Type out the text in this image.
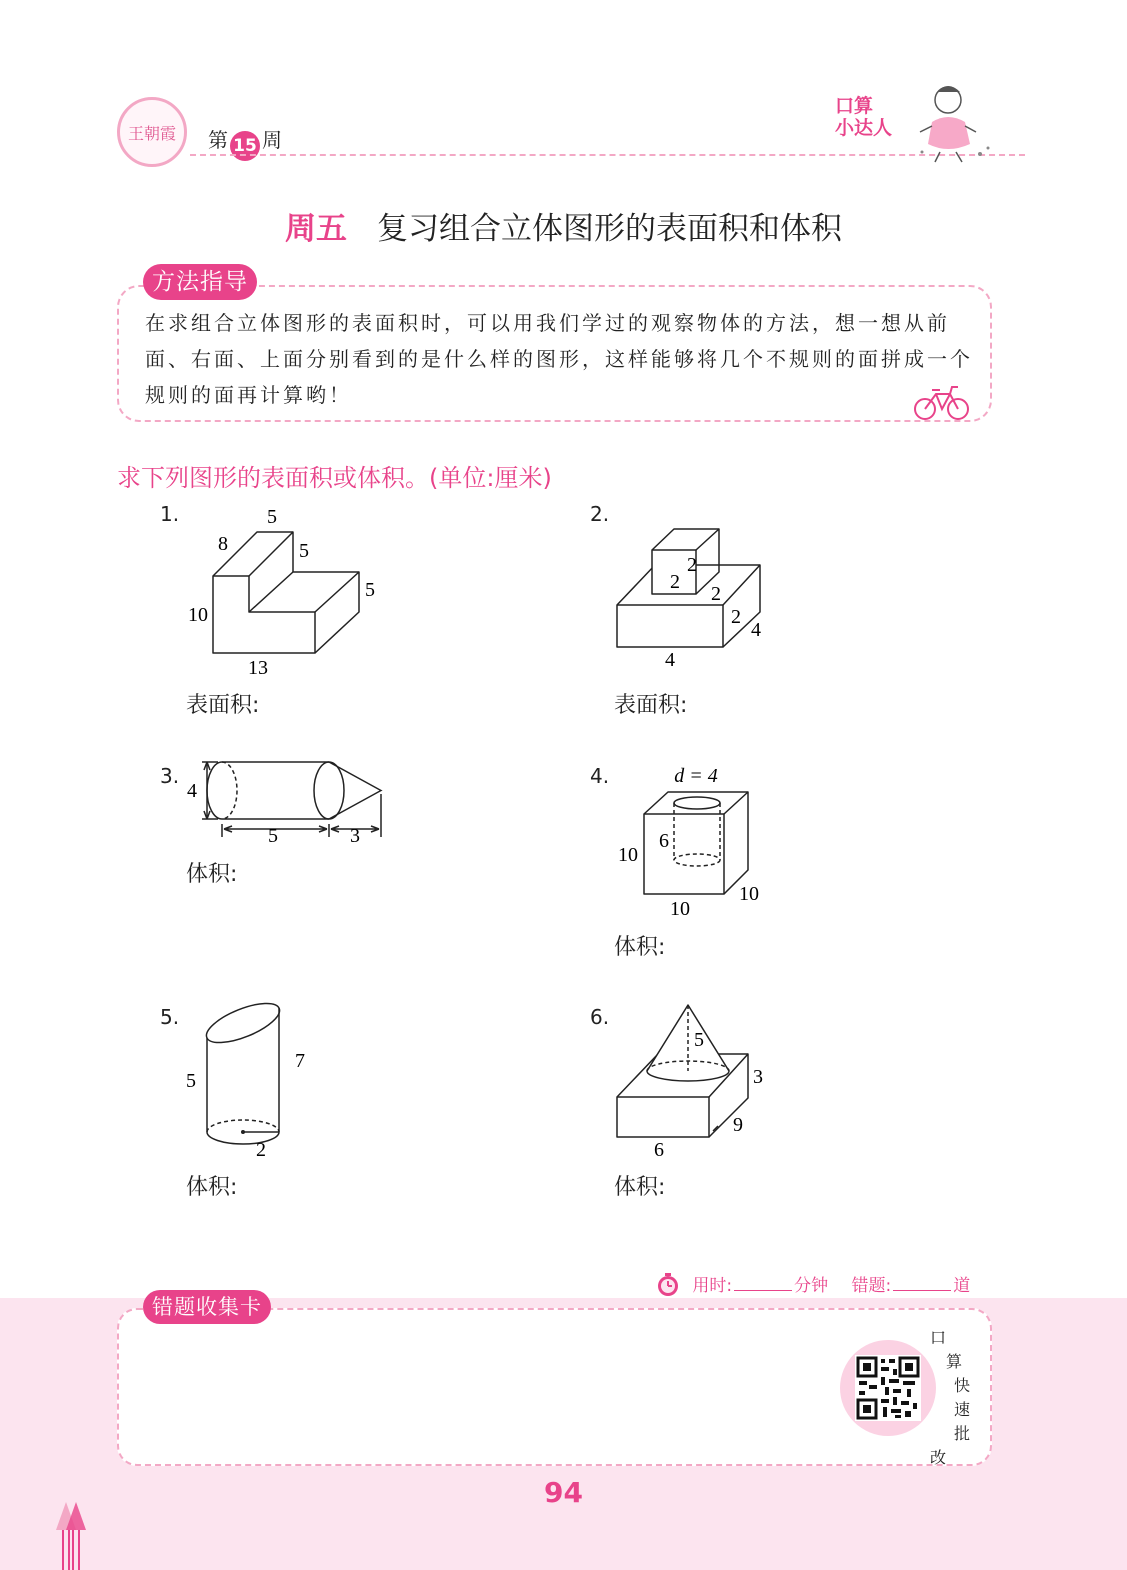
王朝霞 第 15 周
口算
小达人
周五 复习组合立体图形的表面积和体积
方法指导
在求组合立体图形的表面积时，可以用我们学过的观察物体的方法，想一想从前面、右面、上面分别看到的是什么样的图形，这样能够将几个不规则的面拼成一个规则的面再计算哟！
求下列图形的表面积或体积。(单位:厘米)
1.	5
8	5
5
10
13
表面积:
2.
2
2
2
2
4
4
表面积:
3.
4
5	3
体积:
4.	d = 4
6
10
10
10
体积:
5.
5
7
2
体积:
6.
5
3
9
6
体积:
用时:	分钟 错题:	道
错题收集卡
口
算
快
速
批
改
94
